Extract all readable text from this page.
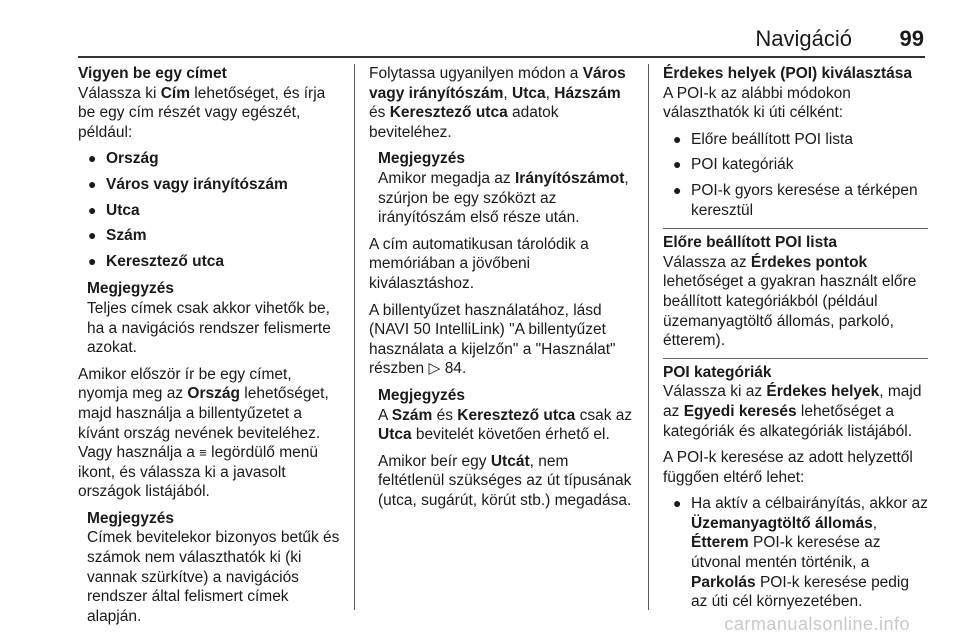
Navigáció 99
Vigyen be egy címet

Válassza ki Cím lehetőséget, és írja be egy cím részét vagy egészét, például:

● Ország
● Város vagy irányítószám
● Utca
● Szám
● Keresztező utca
Megjegyzés
Teljes címek csak akkor vihetők be, ha a navigációs rendszer felismerte azokat.

Amikor először ír be egy címet, nyomja meg az Ország lehetőséget, majd használja a billentyűzetet a kívánt ország nevének beviteléhez. Vagy használja a ≡ legördülő menü ikont, és válassza ki a javasolt országok listájából.

Megjegyzés
Címek bevitelekor bizonyos betűk és számok nem választhatók ki (ki vannak szürkítve) a navigációs rendszer által felismert címek alapján.

Folytassa ugyanilyen módon a Város vagy irányítószám, Utca, Házszám és Keresztező utca adatok beviteléhez.

Megjegyzés
Amikor megadja az Irányítószámot, szúrjon be egy szóközt az irányítószám első része után.

A cím automatikusan tárolódik a memóriában a jövőbeni kiválasztáshoz.

A billentyűzet használatához, lásd (NAVI 50 IntelliLink) "A billentyűzet használata a kijelzőn" a "Használat" részben ▷ 84.

Megjegyzés

A Szám és Keresztező utca csak az Utca bevitelét követően érhető el.

Amikor beír egy Utcát, nem feltétlenül szükséges az út típusának (utca, sugárút, körút stb.) megadása.

Érdekes helyek (POI) kiválasztása

A POI-k az alábbi módokon választhatók ki úti célként:

● Előre beállított POI lista
● POI kategóriák
● POI-k gyors keresése a térképen keresztül
Előre beállított POI lista

Válassza az Érdekes pontok lehetőséget a gyakran használt előre beállított kategóriákból (például üzemanyagtöltő állomás, parkoló, étterem).

POI kategóriák

Válassza ki az Érdekes helyek, majd az Egyedi keresés lehetőséget a kategóriák és alkategóriák listájából.

A POI-k keresése az adott helyzettől függően eltérő lehet:

● Ha aktív a célbairányítás, akkor az Üzemanyagtöltő állomás, Étterem POI-k keresése az útvonal mentén történik, a Parkolás POI-k keresése pedig az úti cél környezetében.
carmanualsonline.info
